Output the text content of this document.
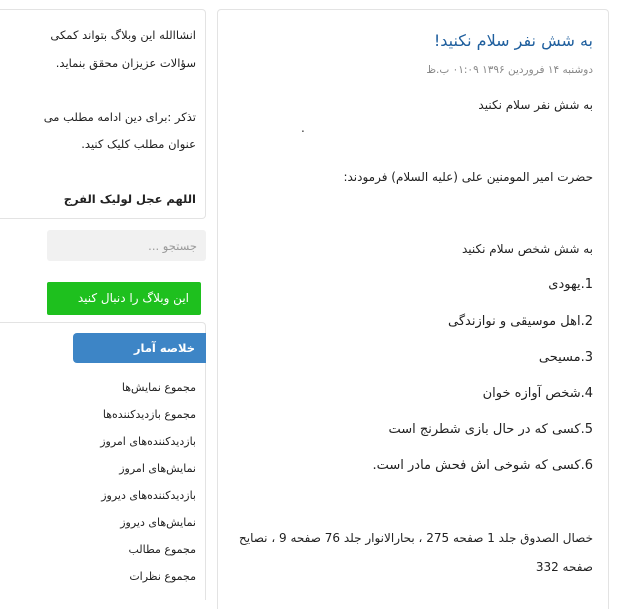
انشاالله این وبلاگ بتواند کمکی
سؤالات عزیزان محقق بنماید.
تذکر :برای دین ادامه مطلب می
عنوان مطلب کلیک کنید.
اللهم عجل لولیک الفرج
جستجو ...
این وبلاگ را دنبال کنید
خلاصه آمار
مجموع نمایش‌ها
مجموع بازدیدکننده‌ها
بازدیدکننده‌های امروز
نمایش‌های امروز
بازدیدکننده‌های دیروز
نمایش‌های دیروز
مجموع مطالب
مجموع نظرات
به شش نفر سلام نکنید!
دوشنبه ۱۴ فروردین ۱۳۹۶ ۰۱:۰۹ ب.ظ
به شش نفر سلام نکنید
.
حضرت امیر المومنین علی (علیه السلام) فرمودند:
به شش شخص سلام نکنید
1.یهودی
2.اهل موسیقی و نوازندگی
3.مسیحی
4.شخص آوازه خوان
5.کسی که در حال بازی شطرنج است
6.کسی که شوخی اش فحش مادر است.
خصال الصدوق جلد 1 صفحه 275 ، بحارالانوار جلد 76 صفحه 9 ، نصایح
صفحه 332
